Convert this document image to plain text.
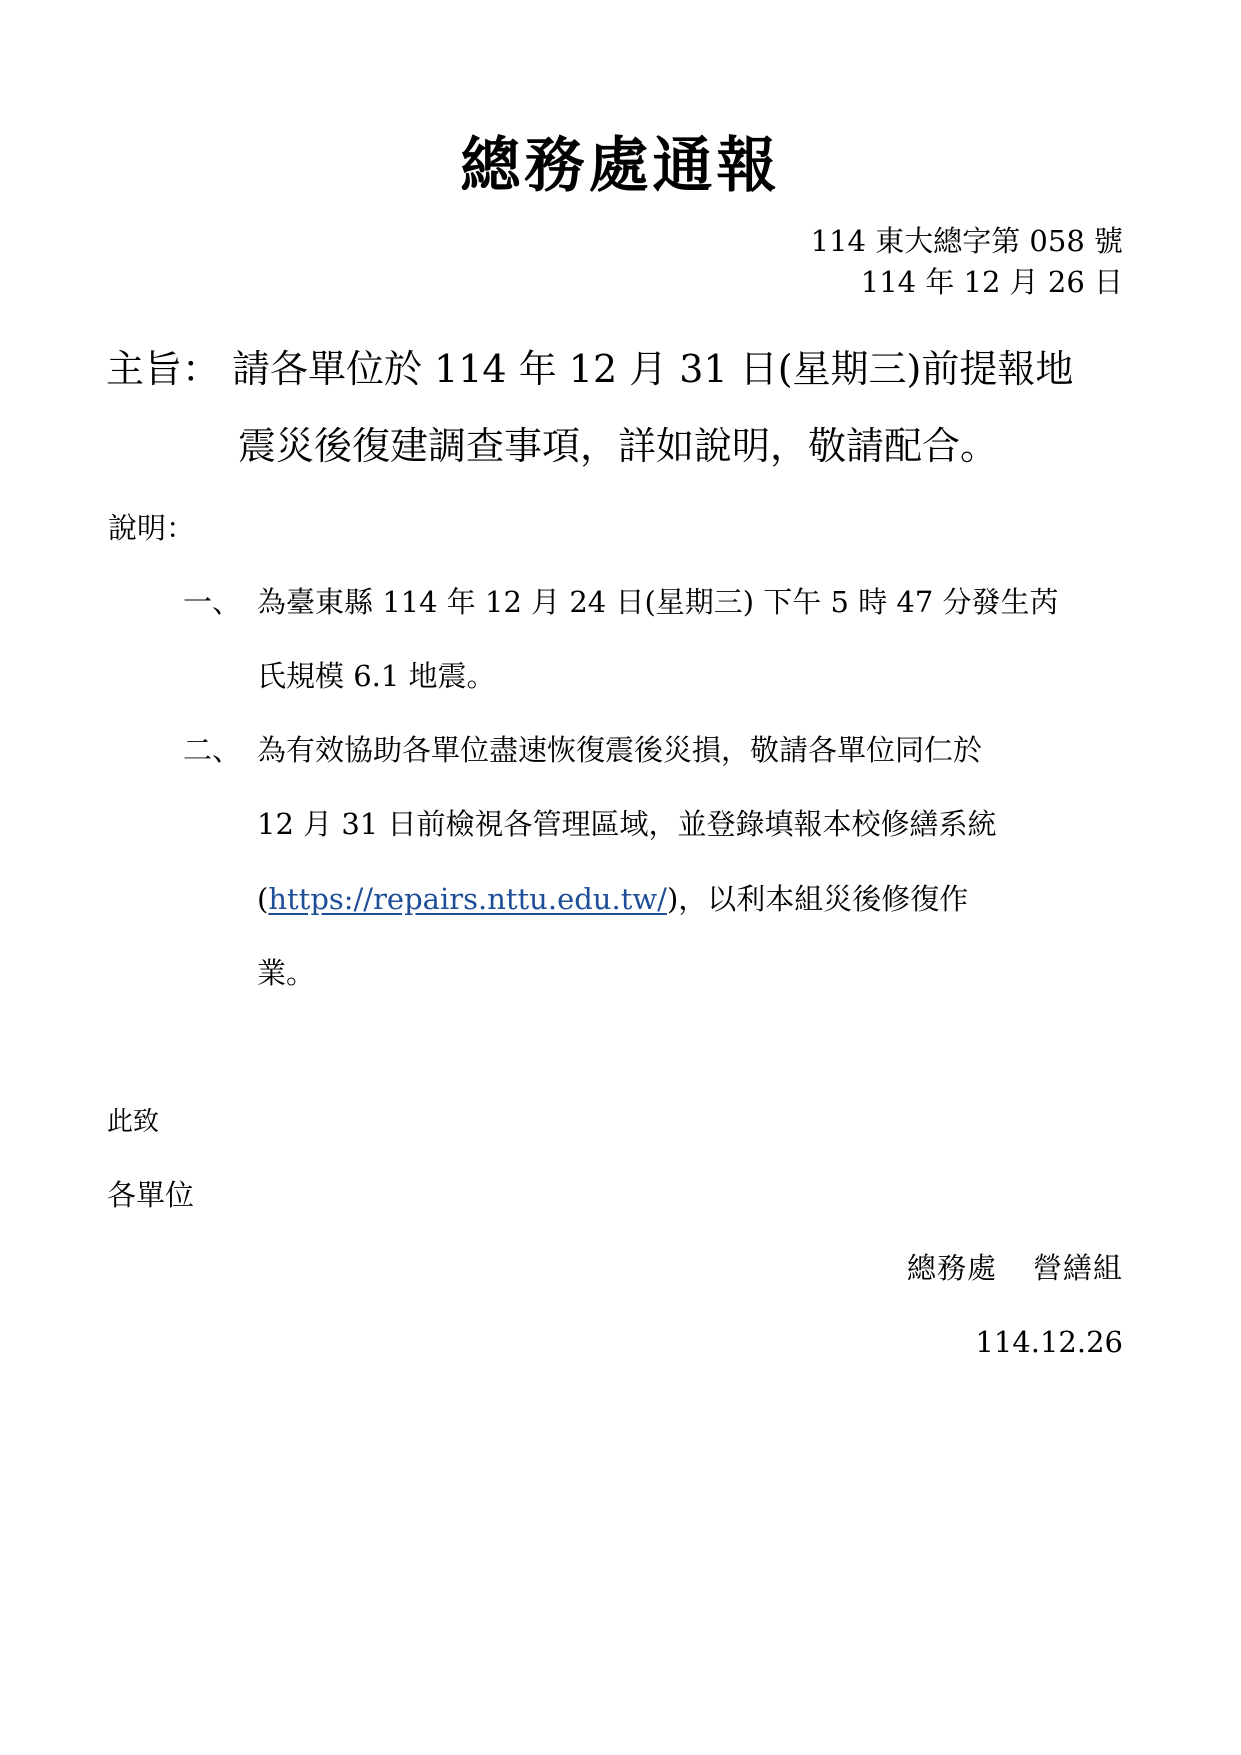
總務處通報
114 東大總字第 058 號
114 年 12 月 26 日
主旨： 請各單位於 114 年 12 月 31 日(星期三)前提報地
震災後復建調查事項，詳如說明，敬請配合。
說明：
一、 為臺東縣 114 年 12 月 24 日(星期三) 下午 5 時 47 分發生芮
氏規模 6.1 地震。
二、 為有效協助各單位盡速恢復震後災損，敬請各單位同仁於
12 月 31 日前檢視各管理區域，並登錄填報本校修繕系統
(https://repairs.nttu.edu.tw/)，以利本組災後修復作
業。
此致
各單位
總務處 營繕組
114.12.26
